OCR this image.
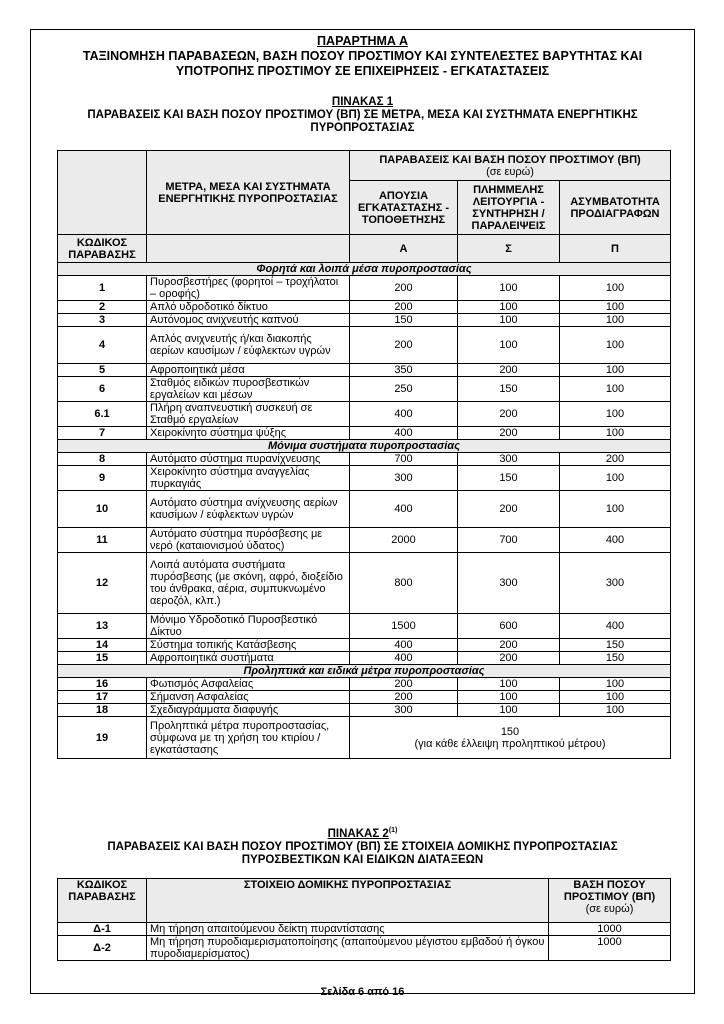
ΠΑΡΑΡΤΗΜΑ Α
ΤΑΞΙΝΟΜΗΣΗ ΠΑΡΑΒΑΣΕΩΝ, ΒΑΣΗ ΠΟΣΟΥ ΠΡΟΣΤΙΜΟΥ ΚΑΙ ΣΥΝΤΕΛΕΣΤΕΣ ΒΑΡΥΤΗΤΑΣ ΚΑΙ
ΥΠΟΤΡΟΠΗΣ ΠΡΟΣΤΙΜΟΥ ΣΕ ΕΠΙΧΕΙΡΗΣΕΙΣ - ΕΓΚΑΤΑΣΤΑΣΕΙΣ
ΠΙΝΑΚΑΣ 1
ΠΑΡΑΒΑΣΕΙΣ ΚΑΙ ΒΑΣΗ ΠΟΣΟΥ ΠΡΟΣΤΙΜΟΥ (ΒΠ) ΣΕ ΜΕΤΡΑ, ΜΕΣΑ ΚΑΙ ΣΥΣΤΗΜΑΤΑ ΕΝΕΡΓΗΤΙΚΗΣ
ΠΥΡΟΠΡΟΣΤΑΣΙΑΣ
	ΜΕΤΡΑ, ΜΕΣΑ ΚΑΙ ΣΥΣΤΗΜΑΤΑ ΕΝΕΡΓΗΤΙΚΗΣ ΠΥΡΟΠΡΟΣΤΑΣΙΑΣ	ΠΑΡΑΒΑΣΕΙΣ ΚΑΙ ΒΑΣΗ ΠΟΣΟΥ ΠΡΟΣΤΙΜΟΥ (ΒΠ)
(σε ευρώ)		

		ΑΠΟΥΣΙΑ ΕΓΚΑΤΑΣΤΑΣΗΣ - ΤΟΠΟΘΕΤΗΣΗΣ	ΠΛΗΜΜΕΛΗΣ ΛΕΙΤΟΥΡΓΙΑ - ΣΥΝΤΗΡΗΣΗ / ΠΑΡΑΛΕΙΨΕΙΣ	ΑΣΥΜΒΑΤΟΤΗΤΑ ΠΡΟΔΙΑΓΡΑΦΩΝ
ΚΩΔΙΚΟΣ ΠΑΡΑΒΑΣΗΣ		Α	Σ	Π
Φορητά και λοιπά μέσα πυροπροστασίας				
1	Πυροσβεστήρες (φορητοί – τροχήλατοι – οροφής)	200	100	100
2	Απλό υδροδοτικό δίκτυο	200	100	100
3	Αυτόνομος ανιχνευτής καπνού	150	100	100
4	Απλός ανιχνευτής ή/και διακοπής αερίων καυσίμων / εύφλεκτων υγρών	200	100	100
5	Αφροποιητικά μέσα	350	200	100
6	Σταθμός ειδικών πυροσβεστικών εργαλείων και μέσων	250	150	100
6.1	Πλήρη αναπνευστική συσκευή σε Σταθμό εργαλείων	400	200	100
7	Χειροκίνητο σύστημα ψύξης	400	200	100
Μόνιμα συστήματα πυροπροστασίας				
8	Αυτόματο σύστημα πυρανίχνευσης	700	300	200
9	Χειροκίνητο σύστημα αναγγελίας πυρκαγιάς	300	150	100
10	Αυτόματο σύστημα ανίχνευσης αερίων καυσίμων / εύφλεκτων υγρών	400	200	100
11	Αυτόματο σύστημα πυρόσβεσης με νερό (καταιονισμού ύδατος)	2000	700	400
12	Λοιπά αυτόματα συστήματα πυρόσβεσης (με σκόνη, αφρό, διοξείδιο του άνθρακα, αέρια, συμπυκνωμένο αεροζόλ, κλπ.)	800	300	300
13	Μόνιμο Υδροδοτικό Πυροσβεστικό Δίκτυο	1500	600	400
14	Σύστημα τοπικής Κατάσβεσης	400	200	150
15	Αφροποιητικά συστήματα	400	200	150
Προληπτικά και ειδικά μέτρα πυροπροστασίας				
16	Φωτισμός Ασφαλείας	200	100	100
17	Σήμανση Ασφαλείας	200	100	100
18	Σχεδιαγράμματα διαφυγής	300	100	100
19	Προληπτικά μέτρα πυροπροστασίας, σύμφωνα με τη χρήση του κτιρίου / εγκατάστασης	150
(για κάθε έλλειψη προληπτικού μέτρου)		
ΠΙΝΑΚΑΣ 2$^{(1)}$
ΠΑΡΑΒΑΣΕΙΣ ΚΑΙ ΒΑΣΗ ΠΟΣΟΥ ΠΡΟΣΤΙΜΟΥ (ΒΠ) ΣΕ ΣΤΟΙΧΕΙΑ ΔΟΜΙΚΗΣ ΠΥΡΟΠΡΟΣΤΑΣΙΑΣ
ΠΥΡΟΣΒΕΣΤΙΚΩΝ ΚΑΙ ΕΙΔΙΚΩΝ ΔΙΑΤΑΞΕΩΝ
ΚΩΔΙΚΟΣ ΠΑΡΑΒΑΣΗΣ	ΣΤΟΙΧΕΙΟ ΔΟΜΙΚΗΣ ΠΥΡΟΠΡΟΣΤΑΣΙΑΣ	ΒΑΣΗ ΠΟΣΟΥ ΠΡΟΣΤΙΜΟΥ (ΒΠ)
(σε ευρώ)

Δ-1	Μη τήρηση απαιτούμενου δείκτη πυραντίστασης	1000
Δ-2	Μη τήρηση πυροδιαμερισματοποίησης (απαιτούμενου μέγιστου εμβαδού ή όγκου πυροδιαμερίσματος)	1000
Σελίδα 6 από 16
